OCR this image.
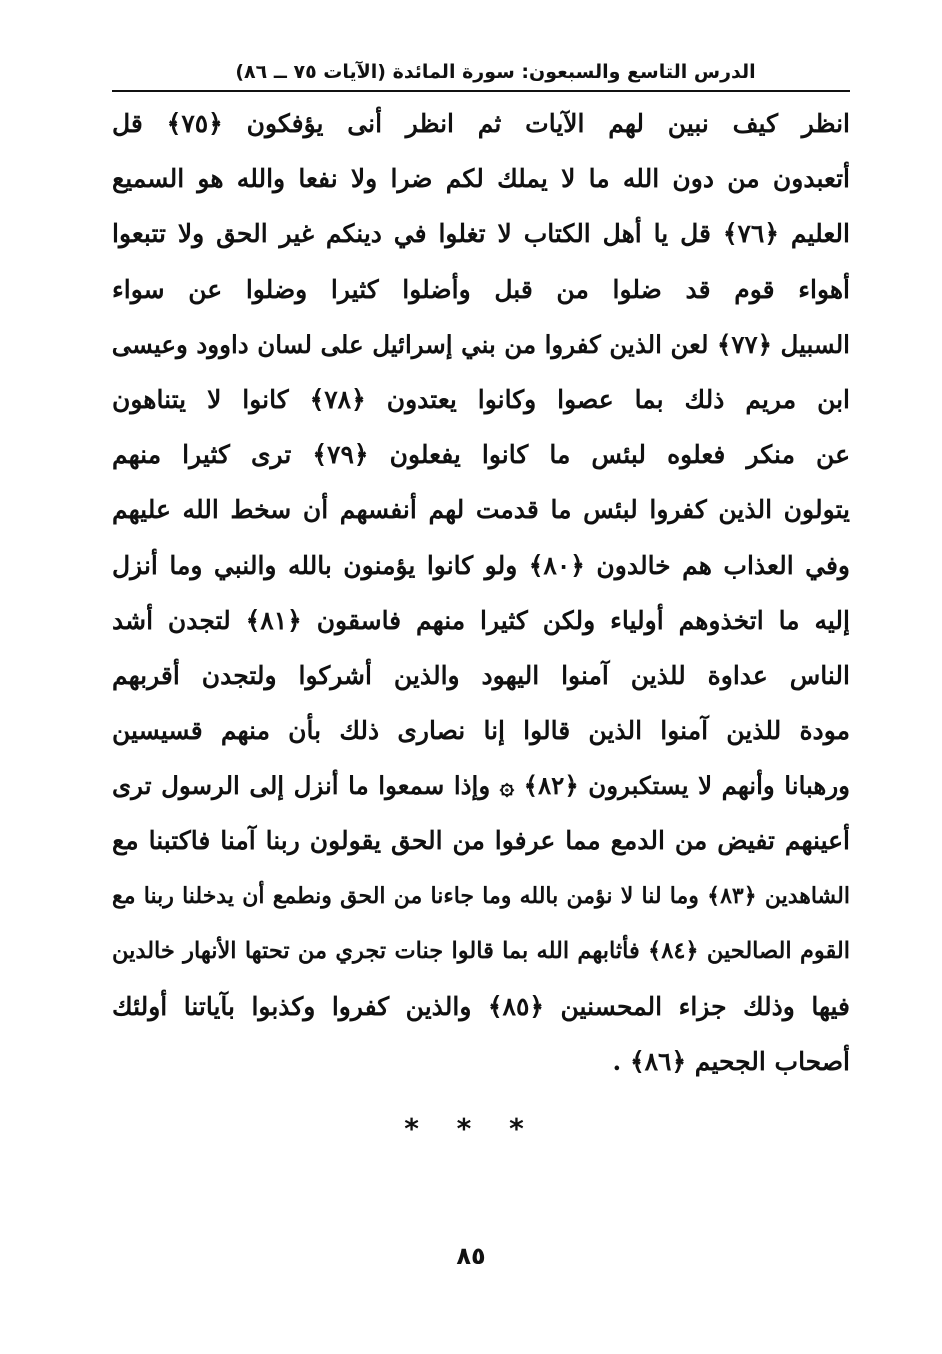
الدرس التاسع والسبعون: سورة المائدة (الآيات ٧٥ ــ ٨٦)
انظر كيف نبين لهم الآيات ثم انظر أنى يؤفكون ﴿٧٥﴾ قل
أتعبدون من دون الله ما لا يملك لكم ضرا ولا نفعا والله هو السميع
العليم ﴿٧٦﴾ قل يا أهل الكتاب لا تغلوا في دينكم غير الحق ولا تتبعوا
أهواء قوم قد ضلوا من قبل وأضلوا كثيرا وضلوا عن سواء
السبيل ﴿٧٧﴾ لعن الذين كفروا من بني إسرائيل على لسان داوود وعيسى
ابن مريم ذلك بما عصوا وكانوا يعتدون ﴿٧٨﴾ كانوا لا يتناهون
عن منكر فعلوه لبئس ما كانوا يفعلون ﴿٧٩﴾ ترى كثيرا منهم
يتولون الذين كفروا لبئس ما قدمت لهم أنفسهم أن سخط الله عليهم
وفي العذاب هم خالدون ﴿٨٠﴾ ولو كانوا يؤمنون بالله والنبي وما أنزل
إليه ما اتخذوهم أولياء ولكن كثيرا منهم فاسقون ﴿٨١﴾ لتجدن أشد
الناس عداوة للذين آمنوا اليهود والذين أشركوا ولتجدن أقربهم
مودة للذين آمنوا الذين قالوا إنا نصارى ذلك بأن منهم قسيسين
ورهبانا وأنهم لا يستكبرون ﴿٨٢﴾ ۞ وإذا سمعوا ما أنزل إلى الرسول ترى
أعينهم تفيض من الدمع مما عرفوا من الحق يقولون ربنا آمنا فاكتبنا مع
الشاهدين ﴿٨٣﴾ وما لنا لا نؤمن بالله وما جاءنا من الحق ونطمع أن يدخلنا ربنا مع
القوم الصالحين ﴿٨٤﴾ فأثابهم الله بما قالوا جنات تجري من تحتها الأنهار خالدين
فيها وذلك جزاء المحسنين ﴿٨٥﴾ والذين كفروا وكذبوا بآياتنا أولئك
أصحاب الجحيم ﴿٨٦﴾ .
* * *
٨٥
